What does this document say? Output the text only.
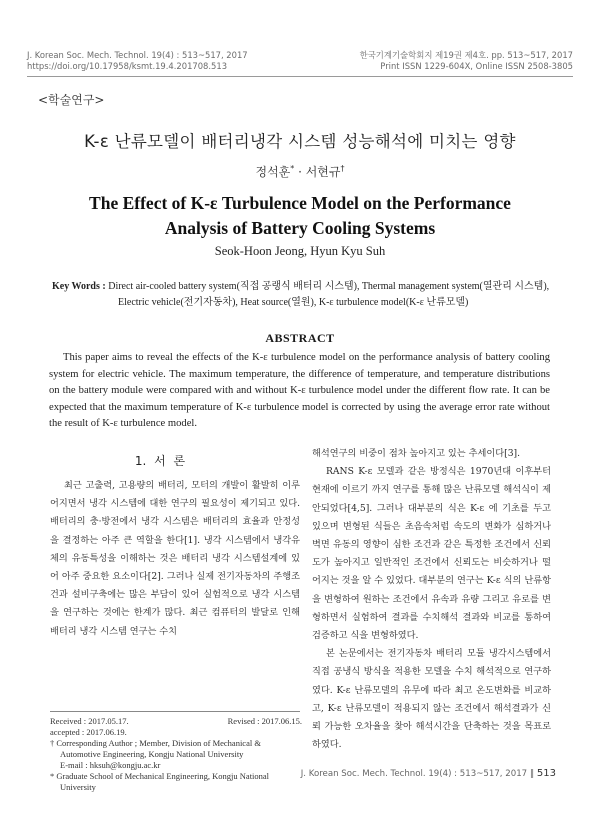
J. Korean Soc. Mech. Technol. 19(4) : 513~517, 2017
https://doi.org/10.17958/ksmt.19.4.201708.513
한국기계기술학회지 제19권 제4호. pp. 513~517, 2017
Print ISSN 1229-604X, Online ISSN 2508-3805
<학술연구>
K-ε 난류모델이 배터리냉각 시스템 성능해석에 미치는 영향
정석훈* · 서현규†
The Effect of K-ε Turbulence Model on the Performance
Analysis of Battery Cooling Systems
Seok-Hoon Jeong, Hyun Kyu Suh
Key Words : Direct air-cooled battery system(직접 공랭식 배터리 시스템), Thermal management system(열관리 시스템), Electric vehicle(전기자동차), Heat source(열원), K-ε turbulence model(K-ε 난류모델)
ABSTRACT
This paper aims to reveal the effects of the K-ε turbulence model on the performance analysis of battery cooling system for electric vehicle. The maximum temperature, the difference of temperature, and temperature distributions on the battery module were compared with and without K-ε turbulence model under the different flow rate. It can be expected that the maximum temperature of K-ε turbulence model is corrected by using the average error rate without the result of K-ε turbulence model.
1. 서 론

최근 고출력, 고용량의 배터리, 모터의 개발이 활발히 이루어지면서 냉각 시스템에 대한 연구의 필요성이 제기되고 있다. 배터리의 충·방전에서 냉각 시스템은 배터리의 효율과 안정성을 결정하는 아주 큰 역할을 한다[1]. 냉각 시스템에서 냉각유체의 유동특성을 이해하는 것은 배터리 냉각 시스템설계에 있어 아주 중요한 요소이다[2]. 그러나 실제 전기자동차의 주행조건과 설비구축에는 많은 부담이 있어 실험적으로 냉각 시스템을 연구하는 것에는 한계가 많다. 최근 컴퓨터의 발달로 인해 배터리 냉각 시스템 연구는 수치

Received : 2017.05.17.	Revised : 2017.06.15.
accepted : 2017.06.19.
† Corresponding Author ; Member, Division of Mechanical & Automotive Engineering, Kongju National University
E-mail : hksuh@kongju.ac.kr
* Graduate School of Mechanical Engineering, Kongju National University

해석연구의 비중이 점차 높아지고 있는 추세이다[3].

RANS K-ε 모델과 같은 방정식은 1970년대 이후부터 현재에 이르기 까지 연구를 통해 많은 난류모델 해석식이 제안되었다[4,5]. 그러나 대부분의 식은 K-ε 에 기초를 두고 있으며 변형된 식들은 초음속처럼 속도의 변화가 심하거나 벽면 유동의 영향이 심한 조건과 같은 특정한 조건에서 신뢰도가 높아지고 일반적인 조건에서 신뢰도는 비슷하거나 떨어지는 것을 알 수 있었다. 대부분의 연구는 K-ε 식의 난류항을 변형하여 원하는 조건에서 유속과 유량 그리고 유로를 변형하면서 실험하여 결과를 수치해석 결과와 비교를 통하여 검증하고 식을 변형하였다.

본 논문에서는 전기자동차 배터리 모듈 냉각시스템에서 직접 공냉식 방식을 적용한 모델을 수치 해석적으로 연구하였다. K-ε 난류모델의 유무에 따라 최고 온도변화를 비교하고, K-ε 난류모델이 적용되지 않는 조건에서 해석결과가 신뢰 가능한 오차율을 찾아 해석시간을 단축하는 것을 목표로 하였다.

J. Korean Soc. Mech. Technol. 19(4) : 513~517, 2017 ‖ 513
